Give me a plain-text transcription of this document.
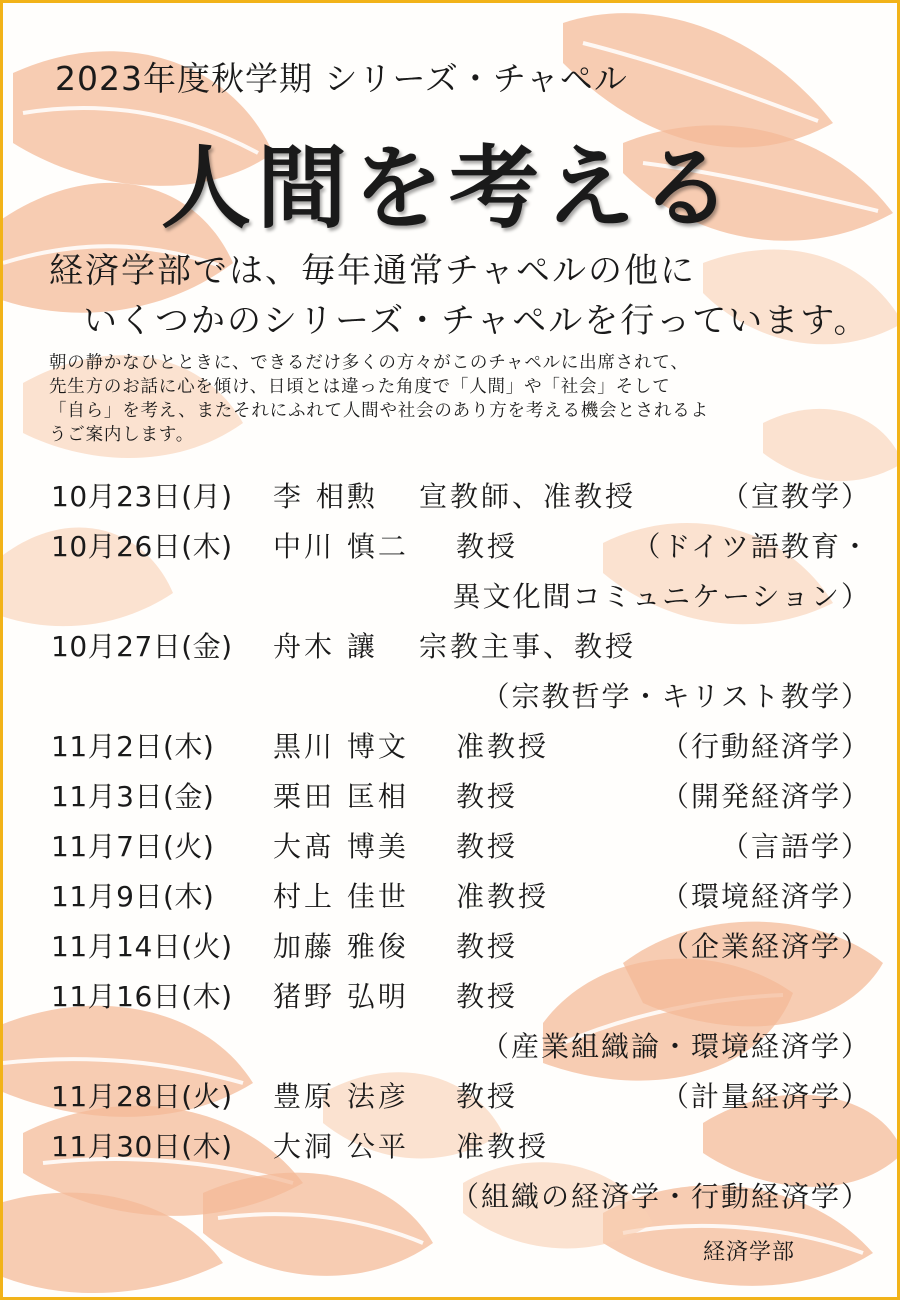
2023年度秋学期 シリーズ・チャペル
人間を考える
経済学部では、毎年通常チャペルの他に
いくつかのシリーズ・チャペルを行っています。
朝の静かなひとときに、できるだけ多くの方々がこのチャペルに出席されて、
先生方のお話に心を傾け、日頃とは違った角度で「人間」や「社会」そして
「自ら」を考え、またそれにふれて人間や社会のあり方を考える機会とされるよ
うご案内します。
10月23日(月) 李 相勲 宣教師、准教授	（宣教学）
10月26日(木) 中川 慎二 教授	（ドイツ語教育・
異文化間コミュニケーション）
10月27日(金) 舟木 讓 宗教主事、教授
（宗教哲学・キリスト教学）
11月2日(木) 黒川 博文 准教授	（行動経済学）
11月3日(金) 栗田 匡相 教授	（開発経済学）
11月7日(火) 大髙 博美 教授	（言語学）
11月9日(木) 村上 佳世 准教授	（環境経済学）
11月14日(火) 加藤 雅俊 教授	（企業経済学）
11月16日(木) 猪野 弘明 教授
（産業組織論・環境経済学）
11月28日(火) 豊原 法彦 教授	（計量経済学）
11月30日(木) 大洞 公平 准教授
（組織の経済学・行動経済学）
経済学部
